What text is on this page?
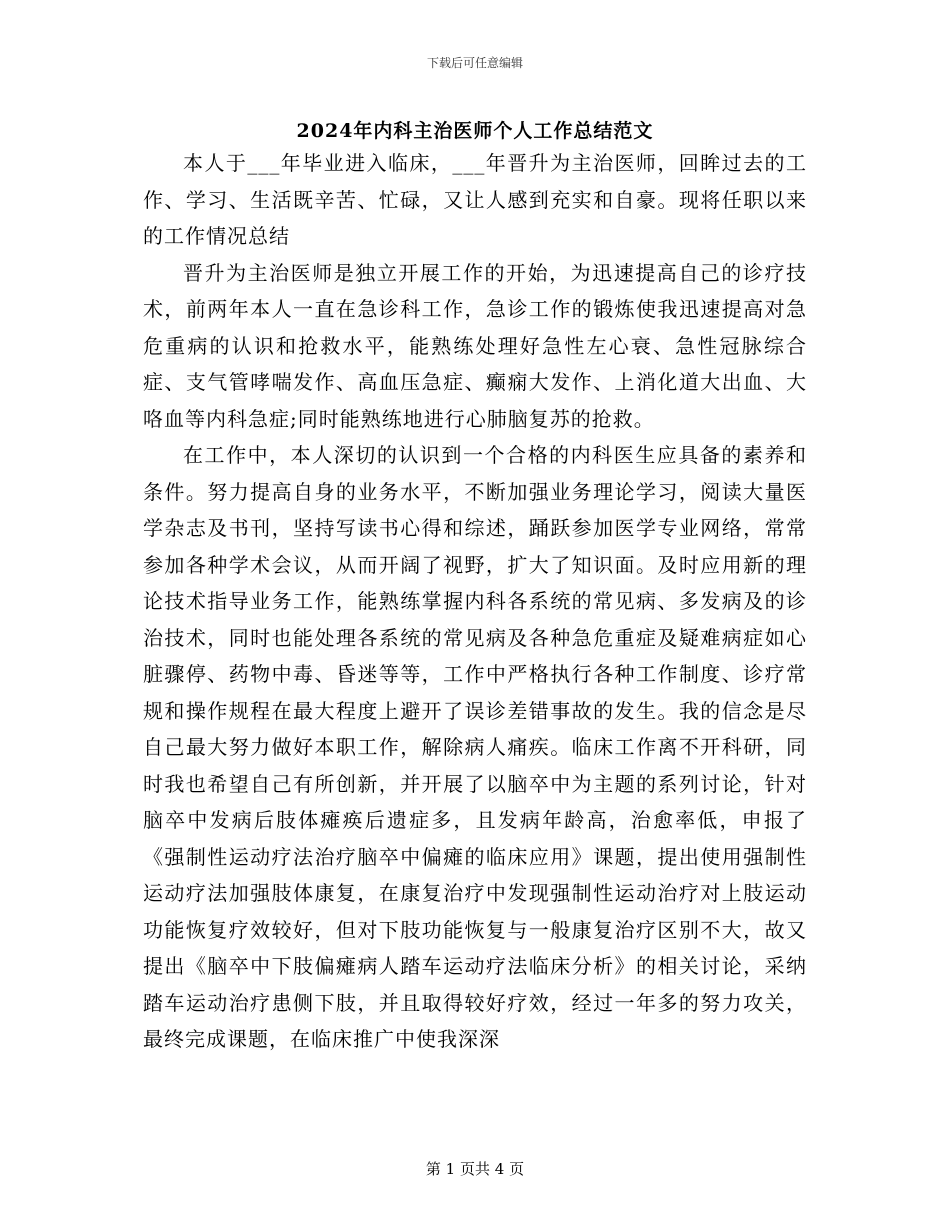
下载后可任意编辑
2024年内科主治医师个人工作总结范文

本人于___年毕业进入临床，___年晋升为主治医师，回眸过去的工作、学习、生活既辛苦、忙碌，又让人感到充实和自豪。现将任职以来的工作情况总结

晋升为主治医师是独立开展工作的开始，为迅速提高自己的诊疗技术，前两年本人一直在急诊科工作，急诊工作的锻炼使我迅速提高对急危重病的认识和抢救水平，能熟练处理好急性左心衰、急性冠脉综合症、支气管哮喘发作、高血压急症、癫痫大发作、上消化道大出血、大咯血等内科急症;同时能熟练地进行心肺脑复苏的抢救。

在工作中，本人深切的认识到一个合格的内科医生应具备的素养和条件。努力提高自身的业务水平，不断加强业务理论学习，阅读大量医学杂志及书刊，坚持写读书心得和综述，踊跃参加医学专业网络，常常参加各种学术会议，从而开阔了视野，扩大了知识面。及时应用新的理论技术指导业务工作，能熟练掌握内科各系统的常见病、多发病及的诊治技术，同时也能处理各系统的常见病及各种急危重症及疑难病症如心脏骤停、药物中毒、昏迷等等，工作中严格执行各种工作制度、诊疗常规和操作规程在最大程度上避开了误诊差错事故的发生。我的信念是尽自己最大努力做好本职工作，解除病人痛疾。临床工作离不开科研，同时我也希望自己有所创新，并开展了以脑卒中为主题的系列讨论，针对脑卒中发病后肢体瘫痪后遗症多，且发病年龄高，治愈率低，申报了《强制性运动疗法治疗脑卒中偏瘫的临床应用》课题，提出使用强制性运动疗法加强肢体康复，在康复治疗中发现强制性运动治疗对上肢运动功能恢复疗效较好，但对下肢功能恢复与一般康复治疗区别不大，故又提出《脑卒中下肢偏瘫病人踏车运动疗法临床分析》的相关讨论，采纳踏车运动治疗患侧下肢，并且取得较好疗效，经过一年多的努力攻关，最终完成课题，在临床推广中使我深深

第 1 页共 4 页
